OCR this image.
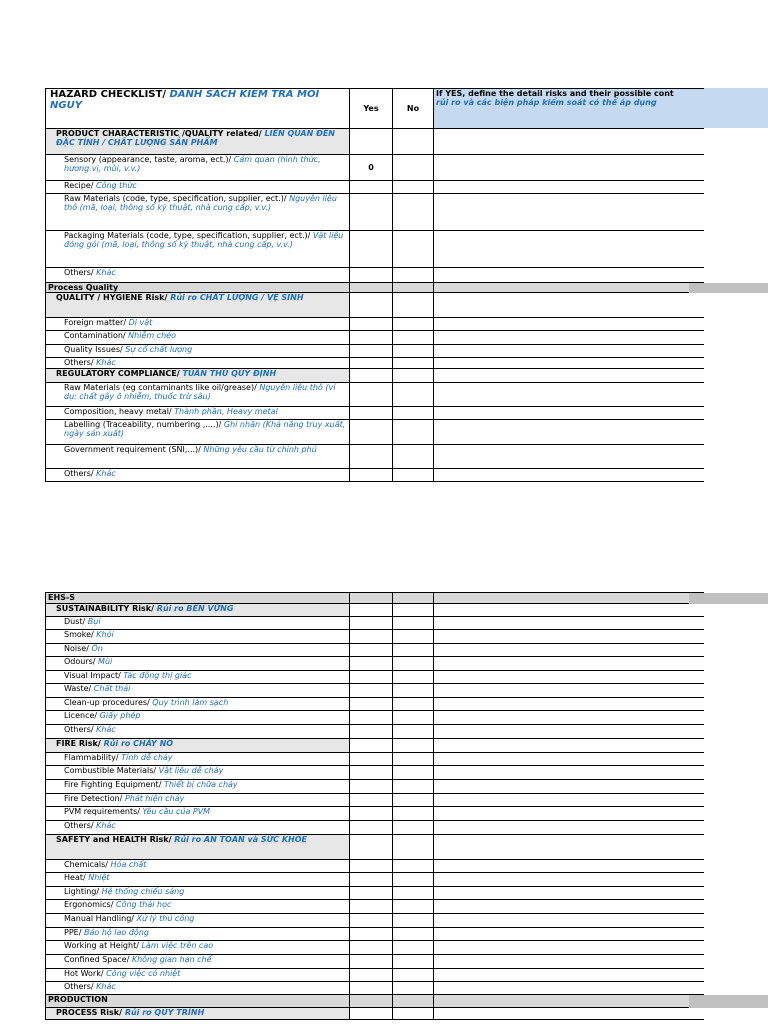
HAZARD CHECKLIST/ DANH SÁCH KIỂM TRA MỐI NGUY	Yes	No	If YES, define the detail risks and their possible cont
rủi ro và các biện pháp kiểm soát có thể áp dụng

PRODUCT CHARACTERISTIC /QUALITY related/ LIÊN QUAN ĐẾN ĐẶC TÍNH / CHẤT LƯỢNG SẢN PHẨM			
Sensory (appearance, taste, aroma, ect.)/ Cảm quan (hình thức, hương vị, mùi, v.v.)	0		
Recipe/ Công thức			
Raw Materials (code, type, specification, supplier, ect.)/ Nguyên liệu thô (mã, loại, thông số kỹ thuật, nhà cung cấp, v.v.)			
Packaging Materials (code, type, specification, supplier, ect.)/ Vật liệu đóng gói (mã, loại, thông số kỹ thuật, nhà cung cấp, v.v.)			
Others/ Khác			
Process Quality			
QUALITY / HYGIENE Risk/ Rủi ro CHẤT LƯỢNG / VỆ SINH			
Foreign matter/ Dị vật			
Contamination/ Nhiễm chéo			
Quality Issues/ Sự cố chất lượng			
Others/ Khác			
REGULATORY COMPLIANCE/ TUÂN THỦ QUY ĐỊNH			
Raw Materials (eg contaminants like oil/grease)/ Nguyên liệu thô (ví dụ: chất gây ô nhiễm, thuốc trừ sâu)			
Composition, heavy metal/ Thành phần, Heavy metal			
Labelling (Traceability, numbering ,....)/ Ghi nhãn (Khả năng truy xuất, ngày sản xuất)			
Government requirement (SNI,...)/ Những yêu cầu từ chính phủ			
Others/ Khác			
EHS-S			
SUSTAINABILITY Risk/ Rủi ro BỀN VỮNG			
Dust/ Bụi			
Smoke/ Khói			
Noise/ Ồn			
Odours/ Mùi			
Visual Impact/ Tác động thị giác			
Waste/ Chất thải			
Clean-up procedures/ Quy trình làm sạch			
Licence/ Giấy phép			
Others/ Khác			
FIRE Risk/ Rủi ro CHÁY NỔ			
Flammability/ Tính dễ cháy			
Combustible Materials/ Vật liệu dễ cháy			
Fire Fighting Equipment/ Thiết bị chữa cháy			
Fire Detection/ Phát hiện cháy			
PVM requirements/ Yêu cầu của PVM			
Others/ Khác			
SAFETY and HEALTH Risk/ Rủi ro AN TOÀN và SỨC KHỎE			
Chemicals/ Hóa chất			
Heat/ Nhiệt			
Lighting/ Hệ thống chiếu sáng			
Ergonomics/ Công thái học			
Manual Handling/ Xử lý thủ công			
PPE/ Bảo hộ lao động			
Working at Height/ Làm việc trên cao			
Confined Space/ Không gian hạn chế			
Hot Work/ Công việc có nhiệt			
Others/ Khác			
PRODUCTION			
PROCESS Risk/ Rủi ro QUY TRÌNH			
